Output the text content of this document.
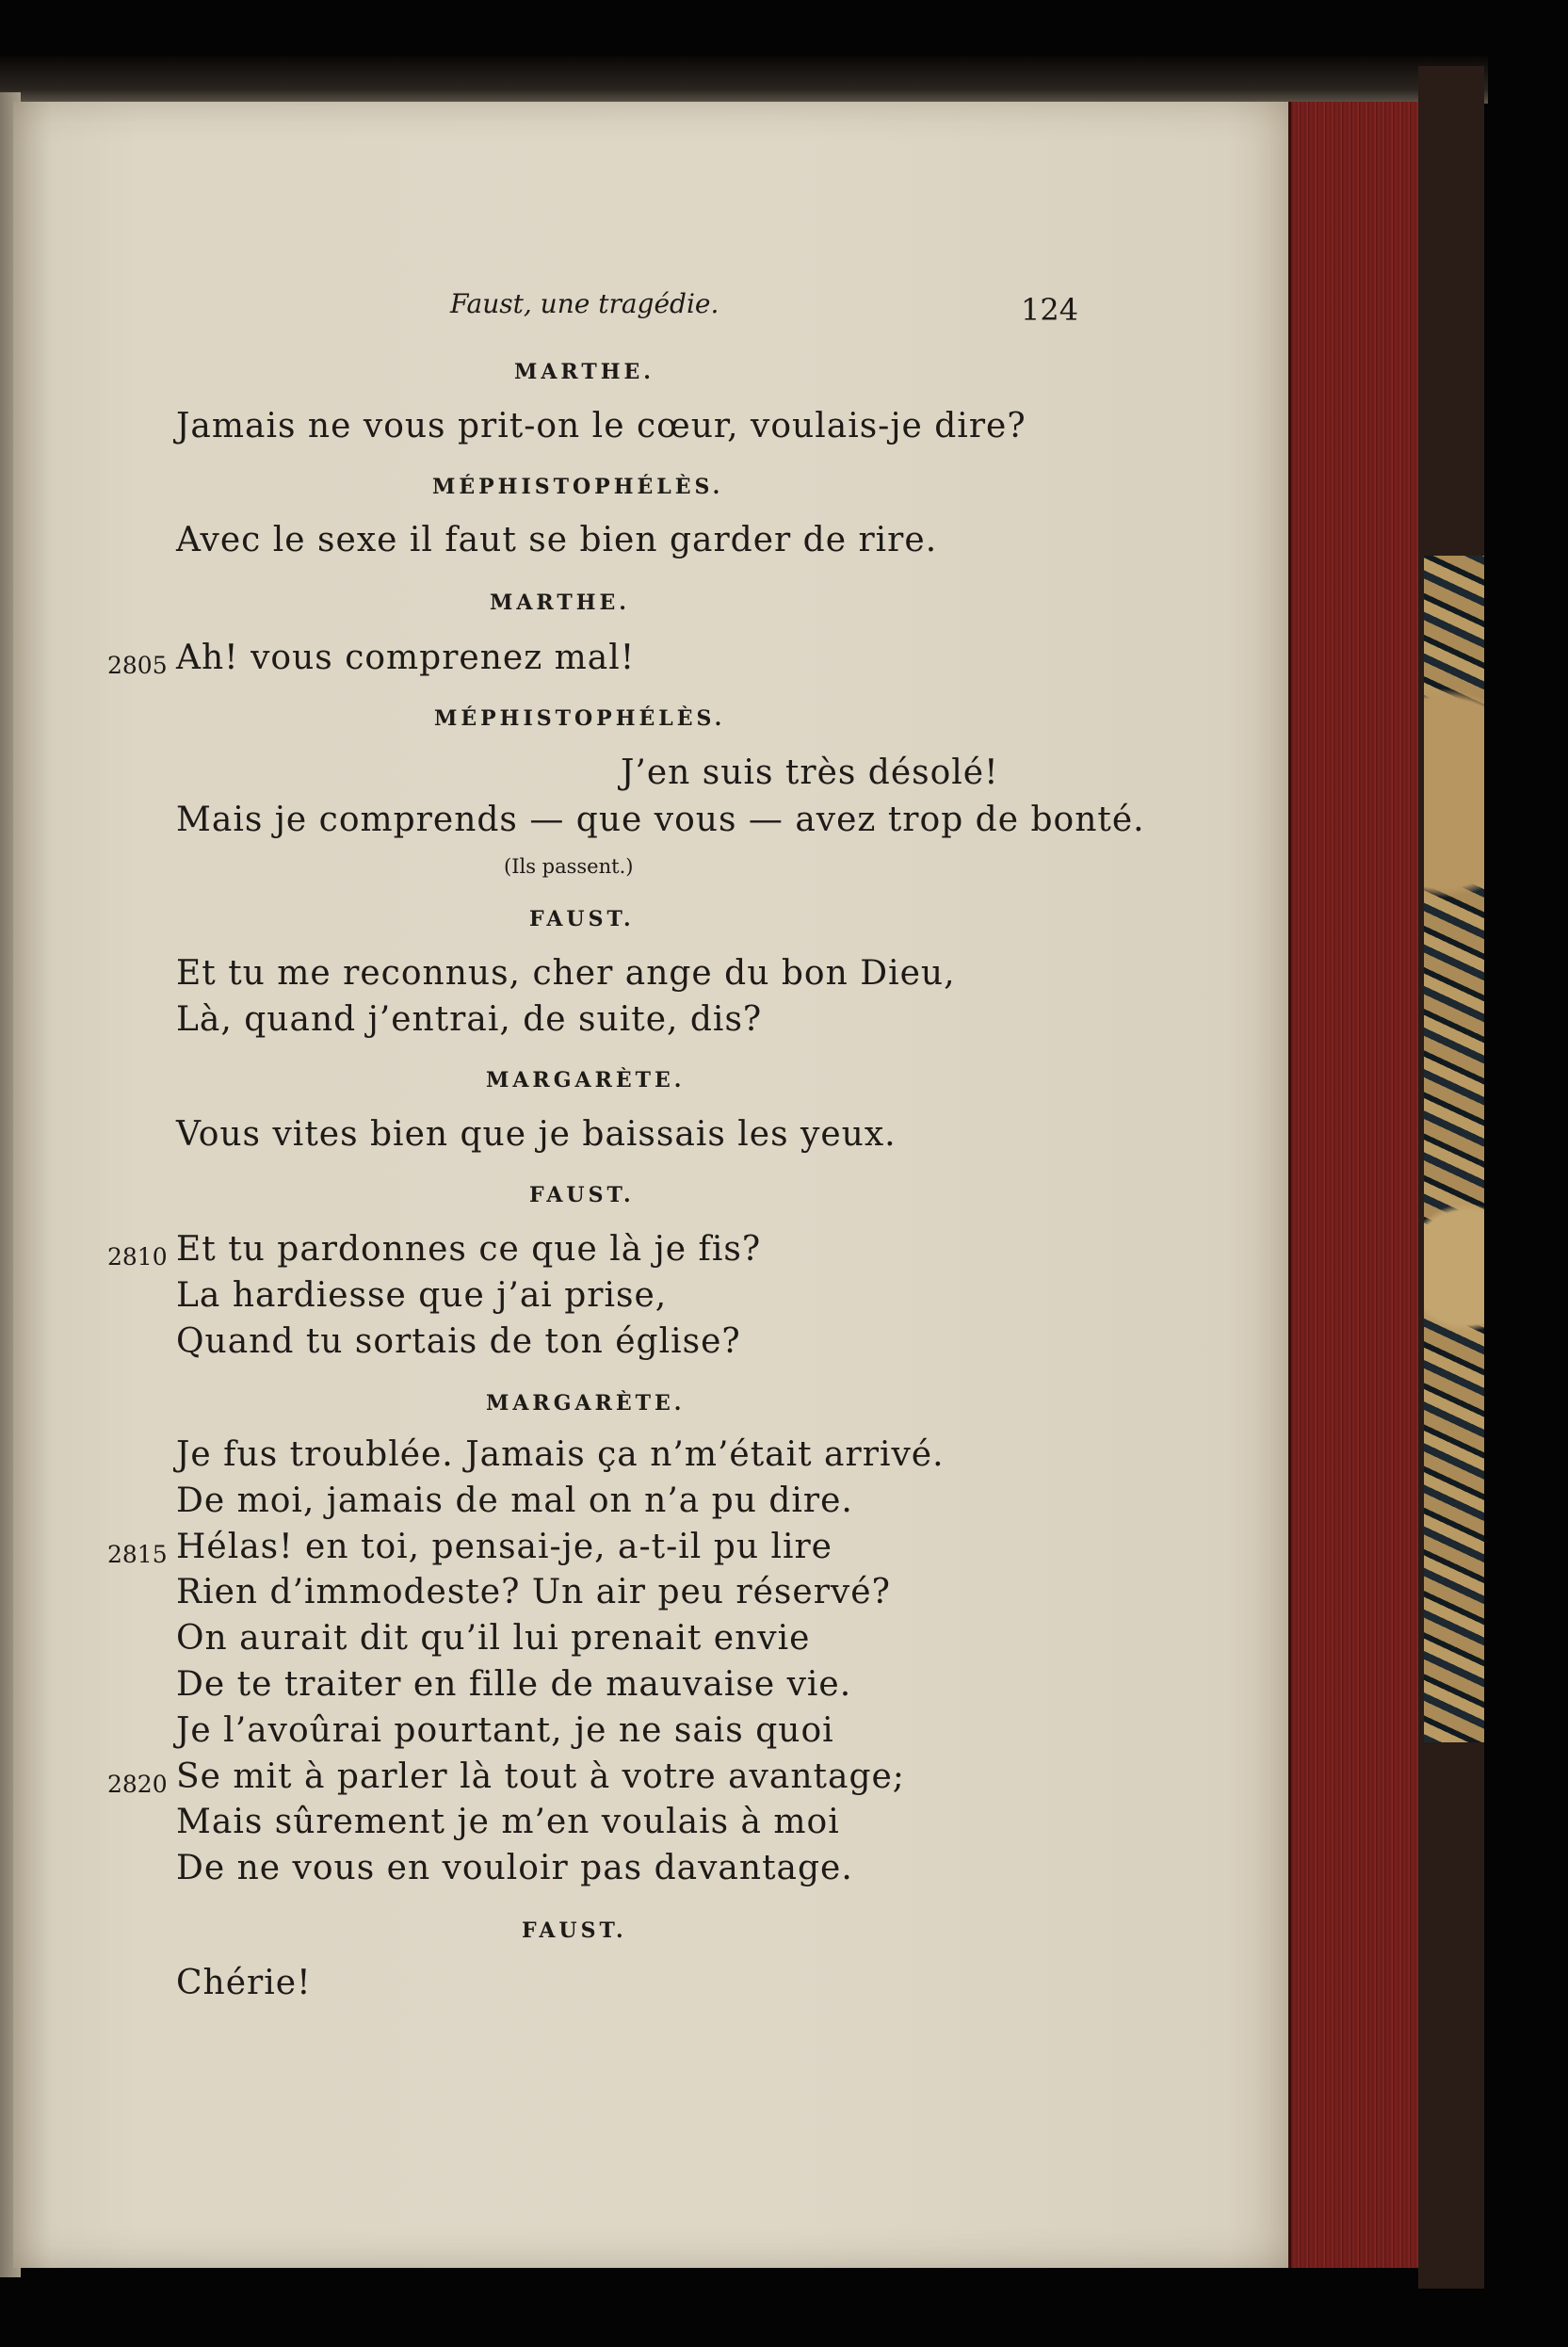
Faust, une tragédie.	124
MARTHE.
Jamais ne vous prit-on le cœur, voulais-je dire?
MÉPHISTOPHÉLÈS.
Avec le sexe il faut se bien garder de rire.
MARTHE.
2805 Ah! vous comprenez mal!
MÉPHISTOPHÉLÈS.
J’en suis très désolé!
Mais je comprends — que vous — avez trop de bonté.
(Ils passent.)
FAUST.
Et tu me reconnus, cher ange du bon Dieu,
Là, quand j’entrai, de suite, dis?
MARGARÈTE.
Vous vites bien que je baissais les yeux.
FAUST.
2810 Et tu pardonnes ce que là je fis?
La hardiesse que j’ai prise,
Quand tu sortais de ton église?
MARGARÈTE.
Je fus troublée. Jamais ça n’m’était arrivé.
De moi, jamais de mal on n’a pu dire.
2815 Hélas! en toi, pensai-je, a-t-il pu lire
Rien d’immodeste? Un air peu réservé?
On aurait dit qu’il lui prenait envie
De te traiter en fille de mauvaise vie.
Je l’avoûrai pourtant, je ne sais quoi
2820 Se mit à parler là tout à votre avantage;
Mais sûrement je m’en voulais à moi
De ne vous en vouloir pas davantage.
FAUST.
Chérie!
